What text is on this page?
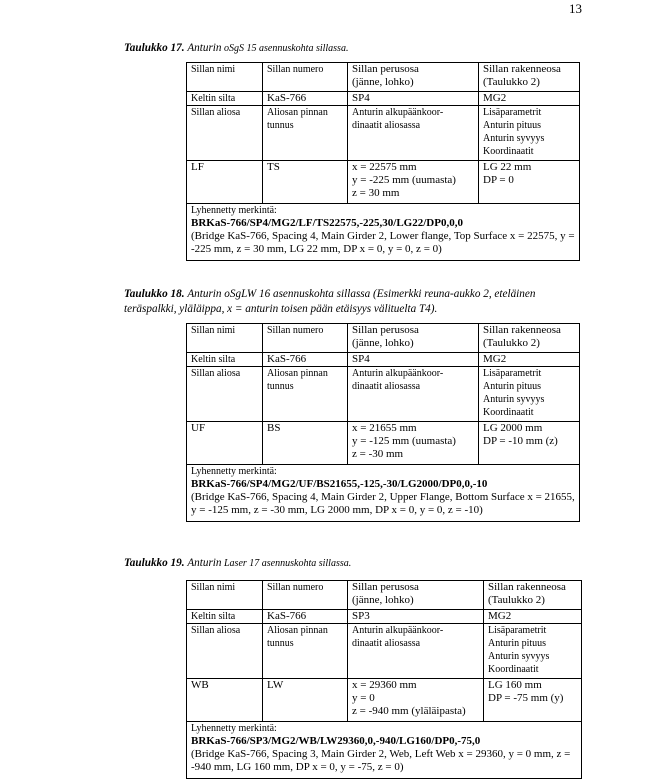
13
Taulukko 17. Anturin oSgS 15 asennuskohta sillassa.
Sillan nimi	Sillan numero	Sillan perusosa
(jänne, lohko)	Sillan rakenneosa
(Taulukko 2)
Keltin silta	KaS-766	SP4	MG2
Sillan aliosa	Aliosan pinnan
tunnus	Anturin alkupäänkoor-
dinaatit aliosassa	Lisäparametrit
Anturin pituus
Anturin syvyys
Koordinaatit
LF	TS	x = 22575 mm
y = -225 mm (uumasta)
z = 30 mm	LG 22 mm
DP = 0

Lyhennetty merkintä:
BRKaS-766/SP4/MG2/LF/TS22575,-225,30/LG22/DP0,0,0
(Bridge KaS-766, Spacing 4, Main Girder 2, Lower flange, Top Surface x = 22575, y = -225 mm, z = 30 mm, LG 22 mm, DP x = 0, y = 0, z = 0)			
Taulukko 18. Anturin oSgLW 16 asennuskohta sillassa (Esimerkki reuna-aukko 2, eteläinen
teräspalkki, yläläippa, x = anturin toisen pään etäisyys välituelta T4).
Sillan nimi	Sillan numero	Sillan perusosa
(jänne, lohko)	Sillan rakenneosa
(Taulukko 2)
Keltin silta	KaS-766	SP4	MG2
Sillan aliosa	Aliosan pinnan
tunnus	Anturin alkupäänkoor-
dinaatit aliosassa	Lisäparametrit
Anturin pituus
Anturin syvyys
Koordinaatit
UF	BS	x = 21655 mm
y = -125 mm (uumasta)
z = -30 mm	LG 2000 mm
DP = -10 mm (z)

Lyhennetty merkintä:
BRKaS-766/SP4/MG2/UF/BS21655,-125,-30/LG2000/DP0,0,-10
(Bridge KaS-766, Spacing 4, Main Girder 2, Upper Flange, Bottom Surface x = 21655, y = -125 mm, z = -30 mm, LG 2000 mm, DP x = 0, y = 0, z = -10)			
Taulukko 19. Anturin Laser 17 asennuskohta sillassa.
Sillan nimi	Sillan numero	Sillan perusosa
(jänne, lohko)	Sillan rakenneosa
(Taulukko 2)
Keltin silta	KaS-766	SP3	MG2
Sillan aliosa	Aliosan pinnan
tunnus	Anturin alkupäänkoor-
dinaatit aliosassa	Lisäparametrit
Anturin pituus
Anturin syvyys
Koordinaatit
WB	LW	x = 29360 mm
y = 0
z = -940 mm (yläläipasta)	LG 160 mm
DP = -75 mm (y)

Lyhennetty merkintä:
BRKaS-766/SP3/MG2/WB/LW29360,0,-940/LG160/DP0,-75,0
(Bridge KaS-766, Spacing 3, Main Girder 2, Web, Left Web x = 29360, y = 0 mm, z = -940 mm, LG 160 mm, DP x = 0, y = -75, z = 0)			
